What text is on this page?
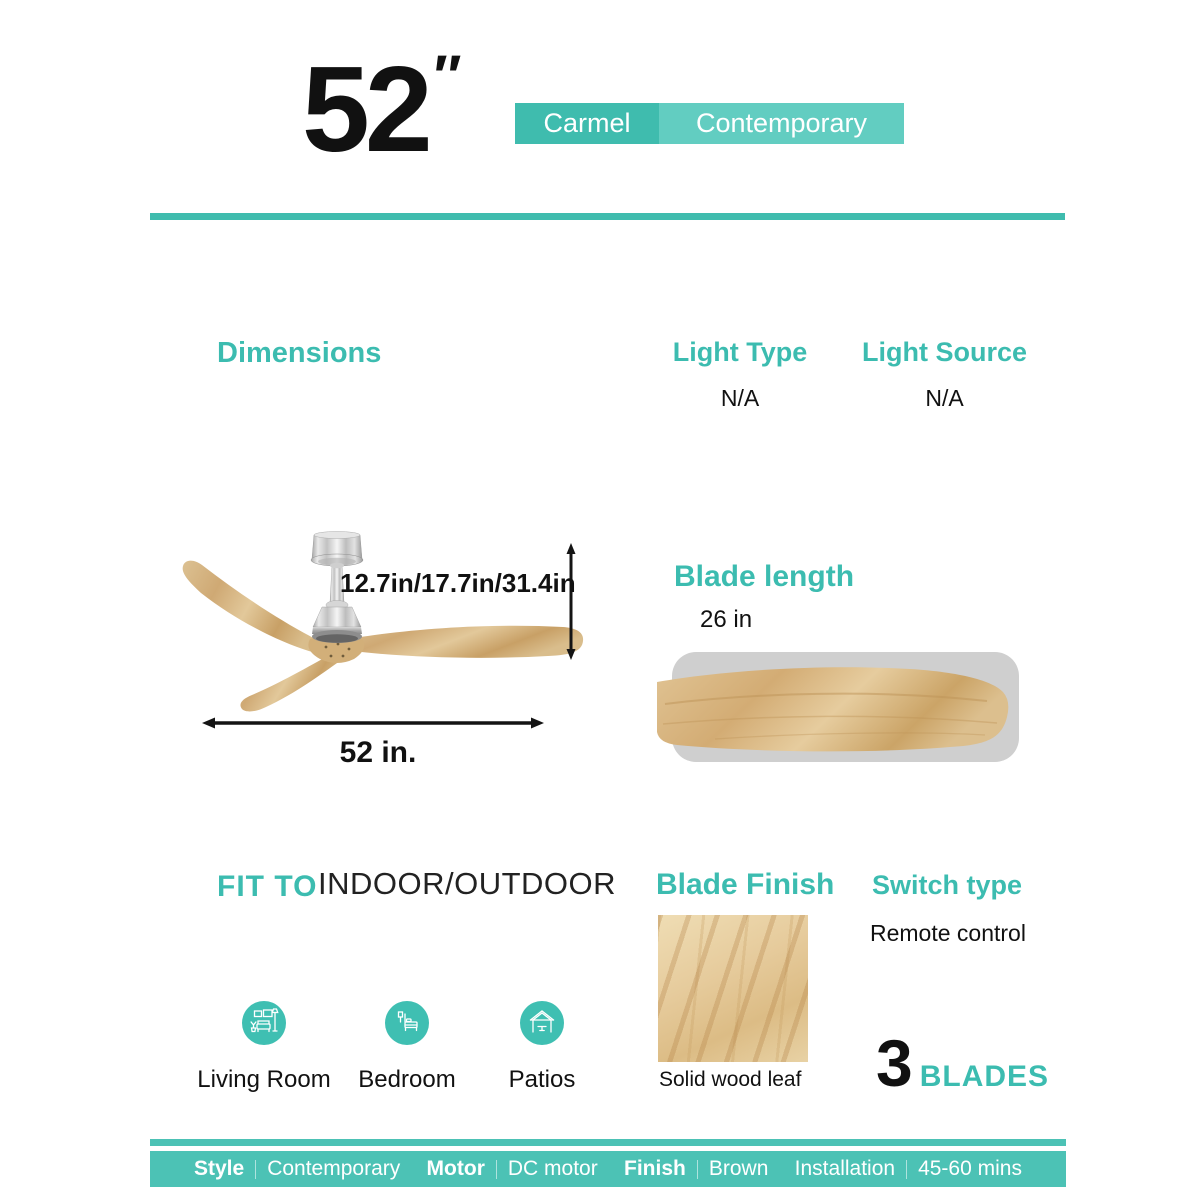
52 ″
Carmel	Contemporary
Dimensions	Light Type
N/A
Light Source
N/A
12.7in/17.7in/31.4in
52 in.
Blade length
26 in
FIT TO INDOOR/OUTDOOR
Living Room	Bedroom	Patios
Blade Finish
Solid wood leaf
Switch type
Remote control
3 BLADES
Style Contemporary Motor DC motor Finish Brown Installation 45-60 mins
